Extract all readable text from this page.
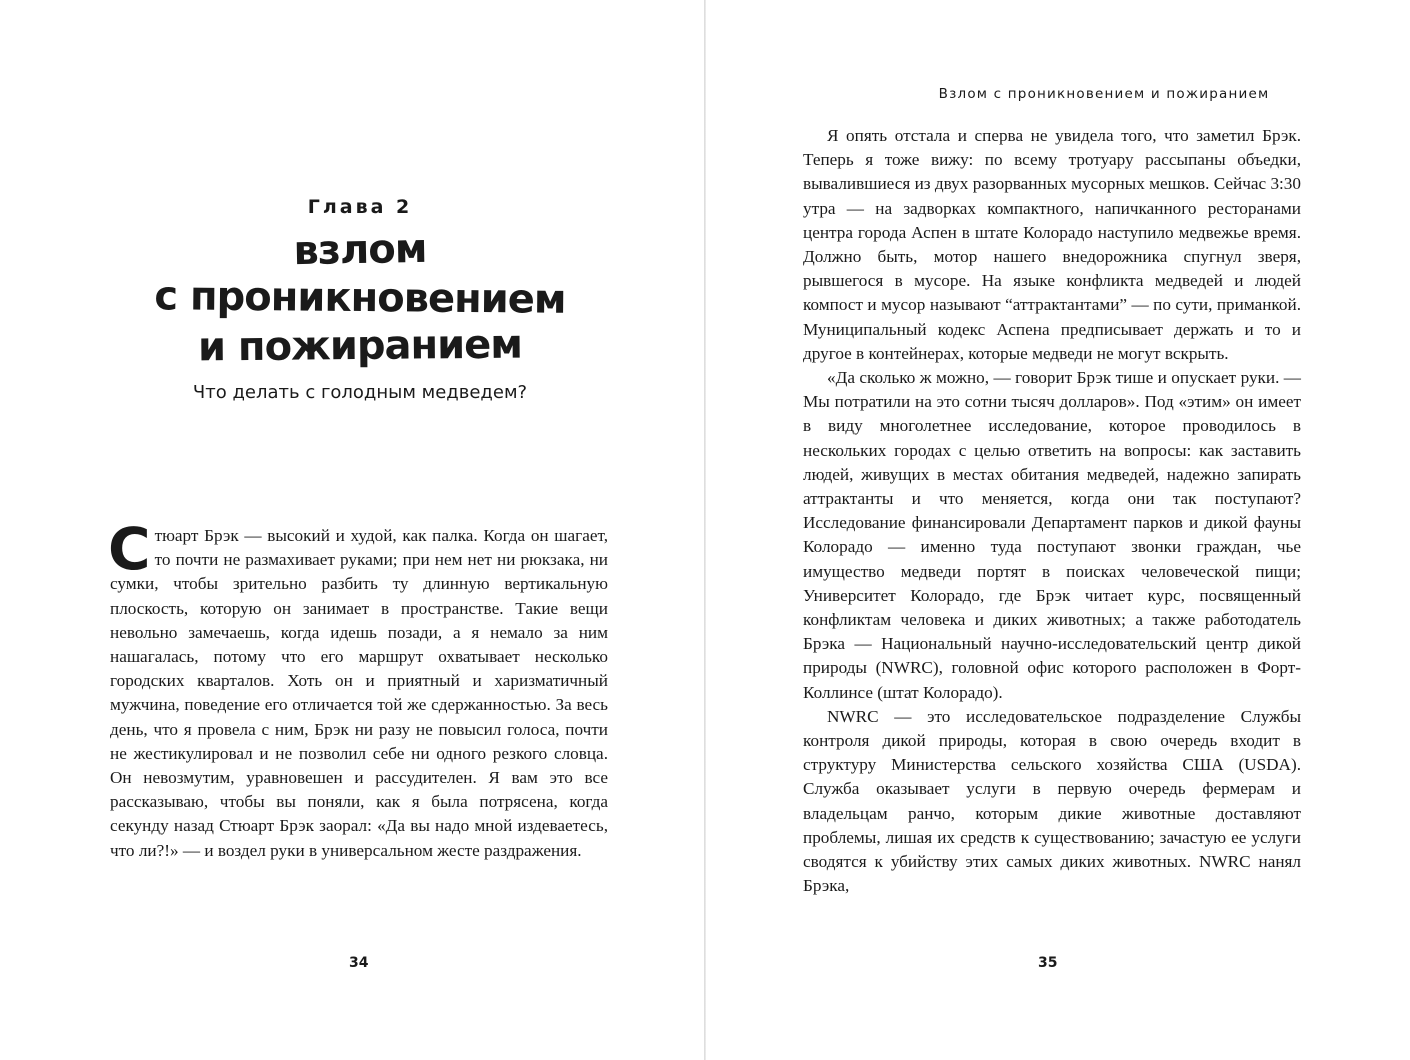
Глава 2
взлом
с проникновением
и пожиранием
Что делать с голодным медведем?

Стюарт Брэк — высокий и худой, как палка. Когда он шагает, то почти не размахивает руками; при нем нет ни рюкзака, ни сумки, чтобы зрительно разбить ту длинную вертикальную плоскость, которую он занимает в пространстве. Такие вещи невольно замечаешь, когда идешь позади, а я немало за ним нашагалась, потому что его маршрут охватывает несколько городских кварталов. Хоть он и приятный и харизматичный мужчина, поведение его отличается той же сдержанностью. За весь день, что я провела с ним, Брэк ни разу не повысил голоса, почти не жестикулировал и не позволил себе ни одного резкого словца. Он невозмутим, уравновешен и рассудителен. Я вам это все рассказываю, чтобы вы поняли, как я была потрясена, когда секунду назад Стюарт Брэк заорал: «Да вы надо мной издеваетесь, что ли?!» — и воздел руки в универсальном жесте раздражения.

34
Взлом с проникновением и пожиранием

Я опять отстала и сперва не увидела того, что заметил Брэк. Теперь я тоже вижу: по всему тротуару рассыпаны объедки, вывалившиеся из двух разорванных мусорных мешков. Сейчас 3:30 утра — на задворках компактного, напичканного ресторанами центра города Аспен в штате Колорадо наступило медвежье время. Должно быть, мотор нашего внедорожника спугнул зверя, рывшегося в мусоре. На языке конфликта медведей и людей компост и мусор называют “аттрактантами” — по сути, приманкой. Муниципальный кодекс Аспена предписывает держать и то и другое в контейнерах, которые медведи не могут вскрыть.

«Да сколько ж можно, — говорит Брэк тише и опускает руки. — Мы потратили на это сотни тысяч долларов». Под «этим» он имеет в виду многолетнее исследование, которое проводилось в нескольких городах с целью ответить на вопросы: как заставить людей, живущих в местах обитания медведей, надежно запирать аттрактанты и что меняется, когда они так поступают? Исследование финансировали Департамент парков и дикой фауны Колорадо — именно туда поступают звонки граждан, чье имущество медведи портят в поисках человеческой пищи; Университет Колорадо, где Брэк читает курс, посвященный конфликтам человека и диких животных; а также работодатель Брэка — Национальный научно-исследовательский центр дикой природы (NWRC), головной офис которого расположен в Форт-Коллинсе (штат Колорадо).

NWRC — это исследовательское подразделение Службы контроля дикой природы, которая в свою очередь входит в структуру Министерства сельского хозяйства США (USDA). Служба оказывает услуги в первую очередь фермерам и владельцам ранчо, которым дикие животные доставляют проблемы, лишая их средств к существованию; зачастую ее услуги сводятся к убийству этих самых диких животных. NWRC нанял Брэка,

35
